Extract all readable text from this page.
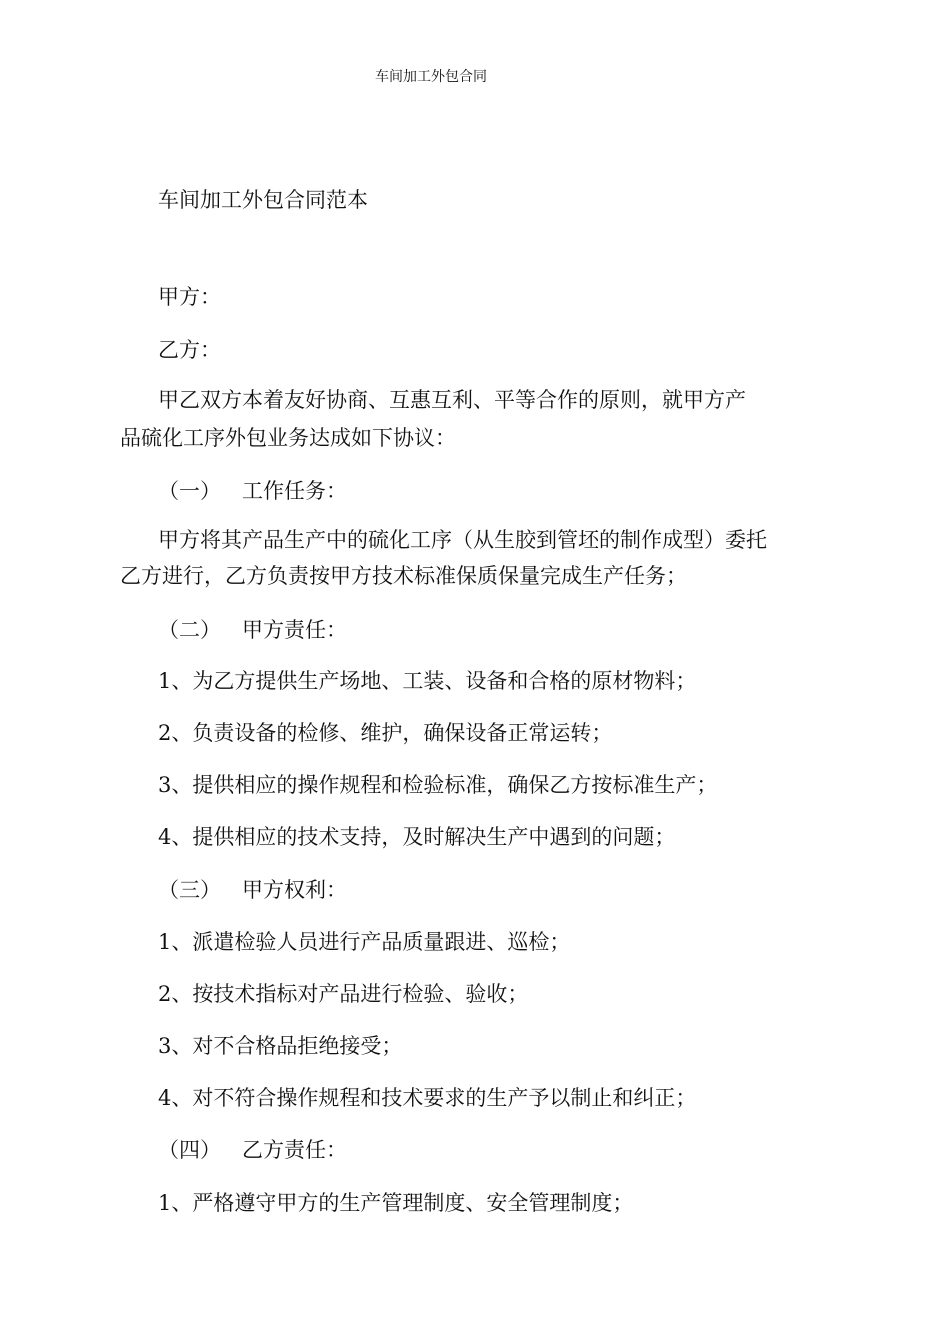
车间加工外包合同
车间加工外包合同范本
甲方：
乙方：
甲乙双方本着友好协商、互惠互利、平等合作的原则，就甲方产
品硫化工序外包业务达成如下协议：
（一） 工作任务：
甲方将其产品生产中的硫化工序（从生胶到管坯的制作成型）委托
乙方进行，乙方负责按甲方技术标准保质保量完成生产任务；
（二） 甲方责任：
1、为乙方提供生产场地、工装、设备和合格的原材物料；
2、负责设备的检修、维护，确保设备正常运转；
3、提供相应的操作规程和检验标准，确保乙方按标准生产；
4、提供相应的技术支持，及时解决生产中遇到的问题；
（三） 甲方权利：
1、派遣检验人员进行产品质量跟进、巡检；
2、按技术指标对产品进行检验、验收；
3、对不合格品拒绝接受；
4、对不符合操作规程和技术要求的生产予以制止和纠正；
（四） 乙方责任：
1、严格遵守甲方的生产管理制度、安全管理制度；
